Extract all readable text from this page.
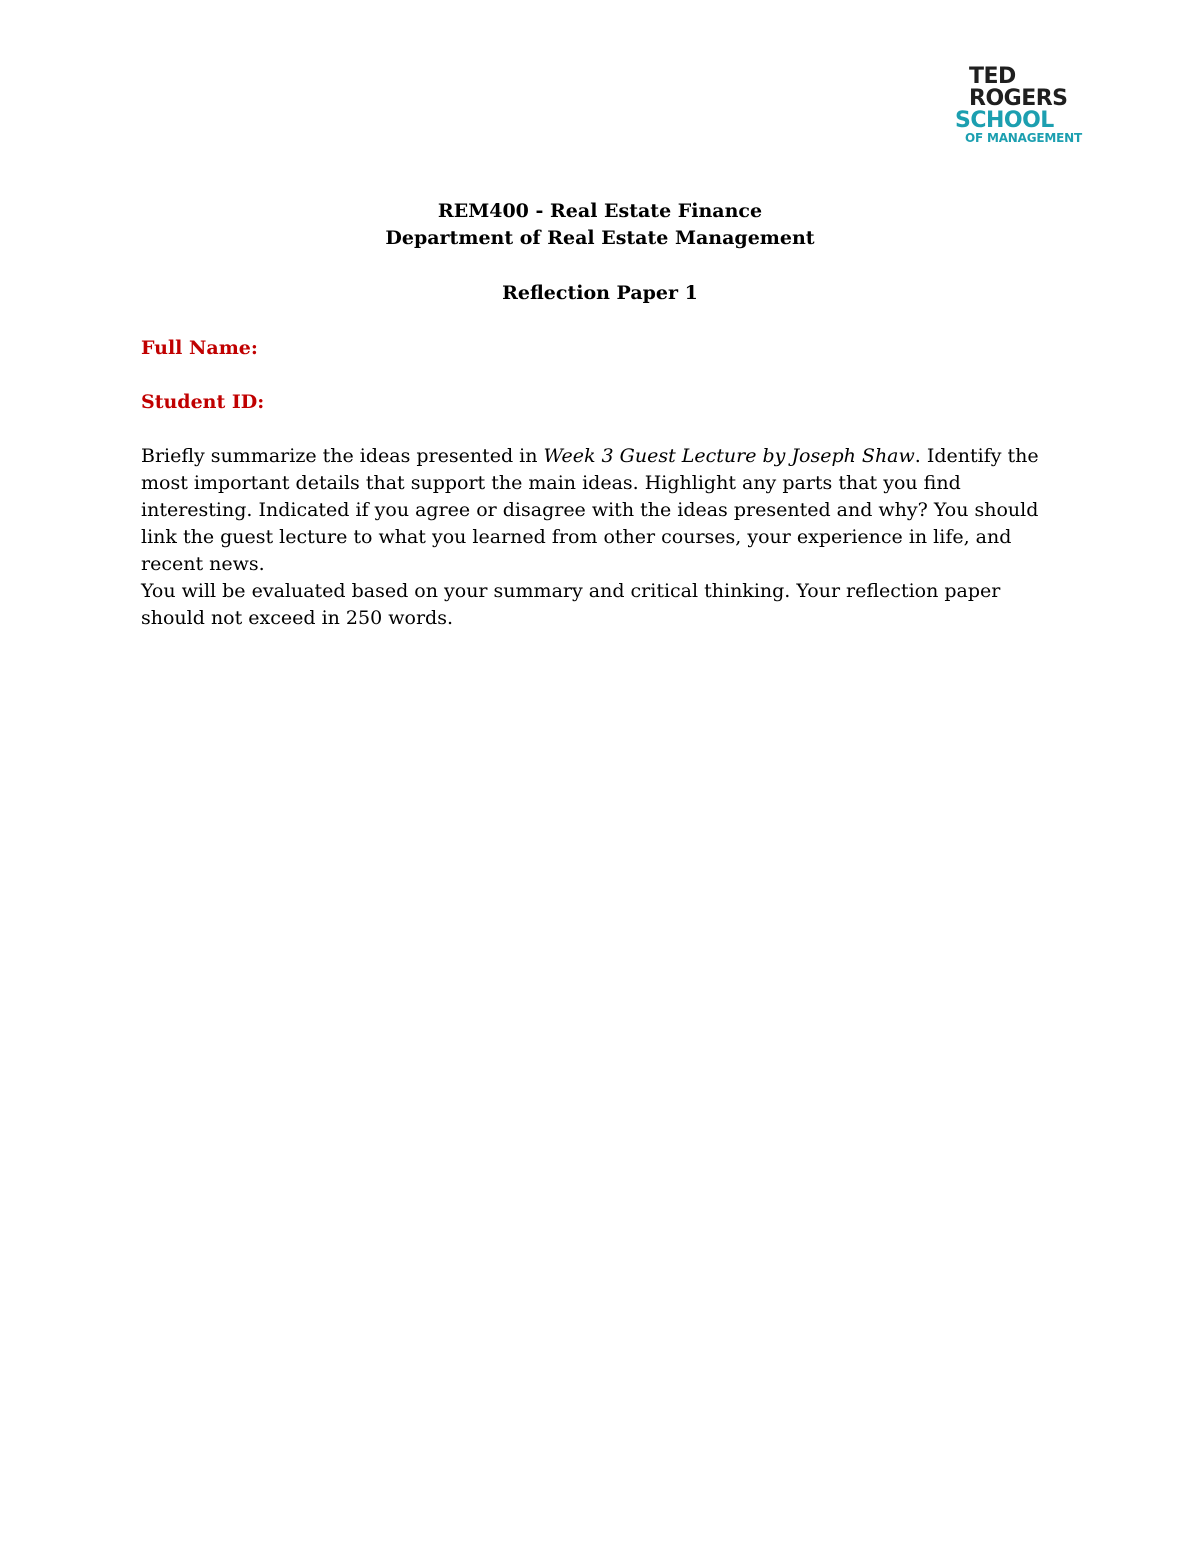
TED
ROGERS
SCHOOL
OF MANAGEMENT
REM400 - Real Estate Finance
Department of Real Estate Management
Reflection Paper 1
Full Name:
Student ID:

Briefly summarize the ideas presented in Week 3 Guest Lecture by Joseph Shaw. Identify the most important details that support the main ideas. Highlight any parts that you find interesting. Indicated if you agree or disagree with the ideas presented and why? You should link the guest lecture to what you learned from other courses, your experience in life, and recent news.

You will be evaluated based on your summary and critical thinking. Your reflection paper should not exceed in 250 words.
